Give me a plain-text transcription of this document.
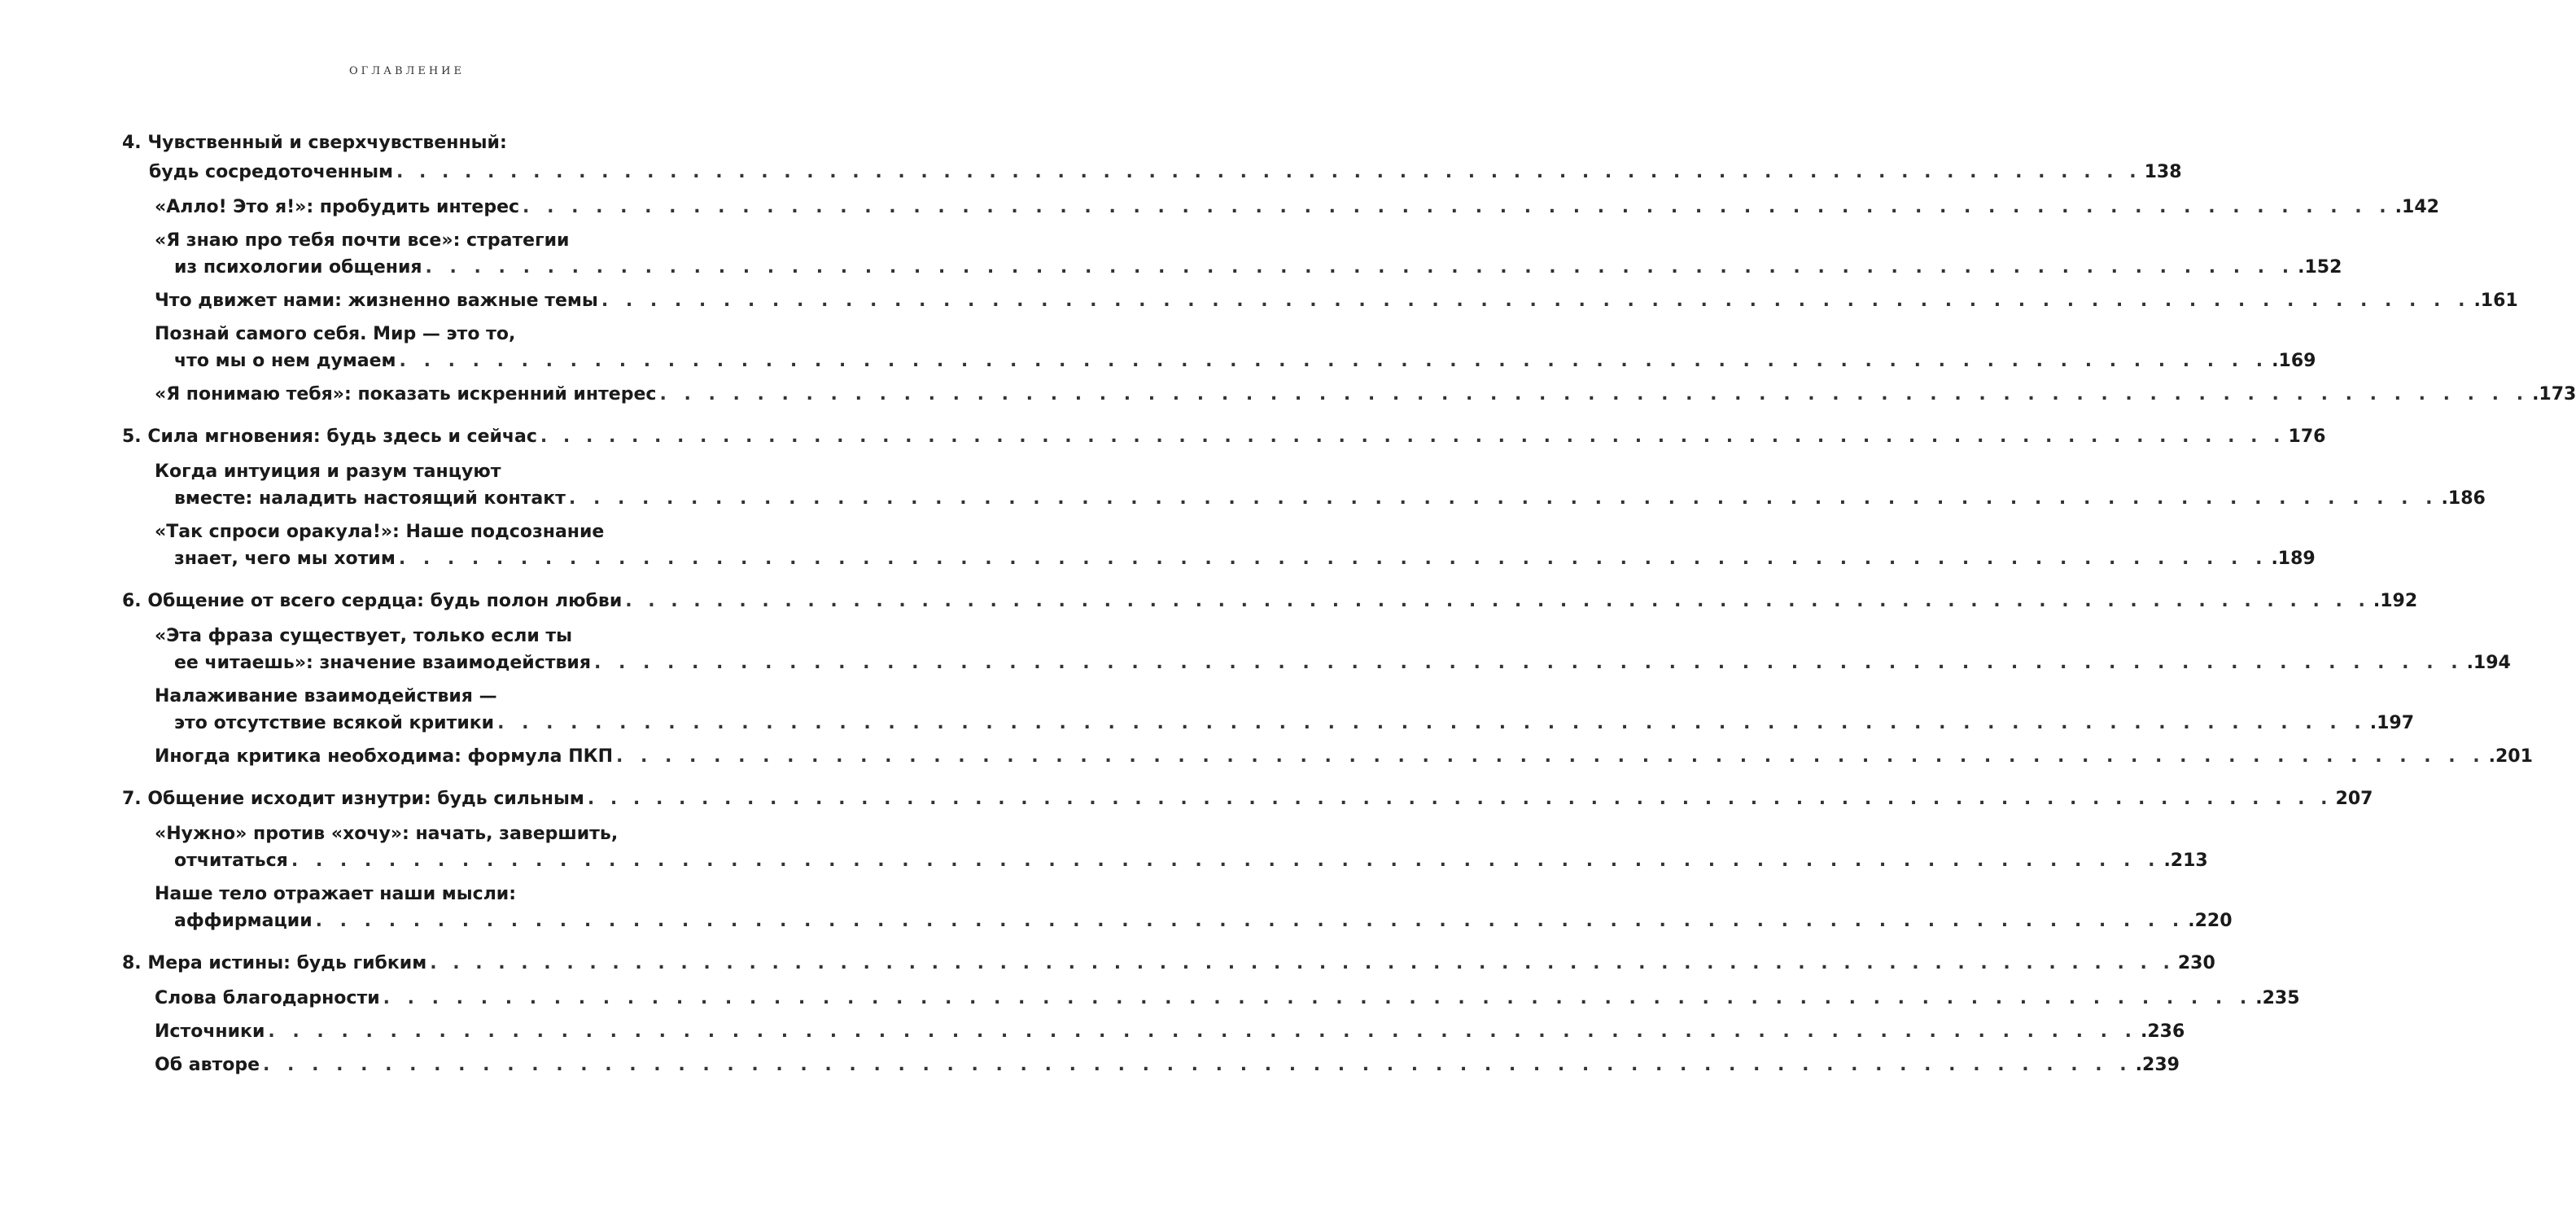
ОГЛАВЛЕНИЕ
4. Чувственный и сверхчувственный:
будь сосредоточенным . . .	138
«Алло! Это я!»: пробудить интерес . . .	.142
«Я знаю про тебя почти все»: стратегии
из психологии общения . . .	.152
Что движет нами: жизненно важные темы . . .	.161
Познай самого себя. Мир — это то,
что мы о нем думаем . . .	.169
«Я понимаю тебя»: показать искренний интерес . . .	.173
5. Сила мгновения: будь здесь и сейчас . . .	176
Когда интуиция и разум танцуют
вместе: наладить настоящий контакт . . .	.186
«Так спроси оракула!»: Наше подсознание
знает, чего мы хотим . . .	.189
6. Общение от всего сердца: будь полон любви . . .	.192
«Эта фраза существует, только если ты
ее читаешь»: значение взаимодействия . . .	.194
Налаживание взаимодействия —
это отсутствие всякой критики . . .	.197
Иногда критика необходима: формула ПКП . . .	.201
7. Общение исходит изнутри: будь сильным . . .	207
«Нужно» против «хочу»: начать, завершить,
отчитаться . . .	.213
Наше тело отражает наши мысли:
аффирмации . . .	.220
8. Мера истины: будь гибким . . .	230
Слова благодарности . . .	.235
Источники . . .	.236
Об авторе . . .	.239
